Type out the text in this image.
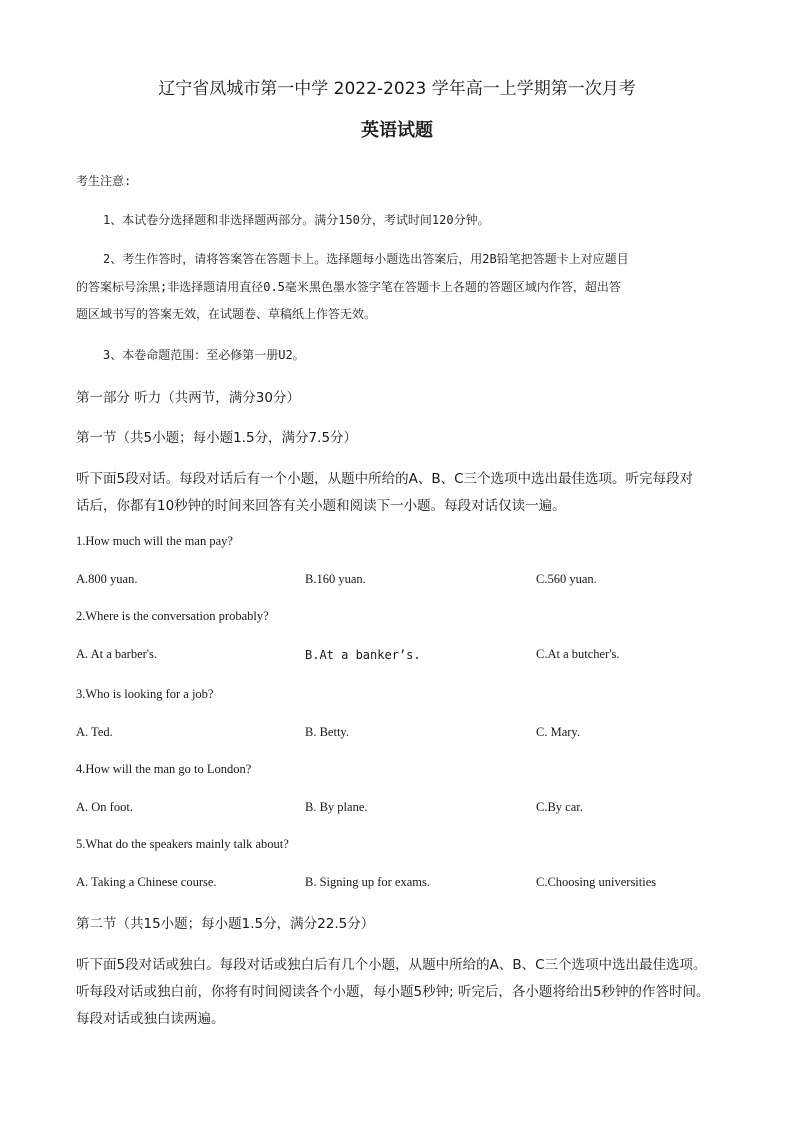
辽宁省凤城市第一中学 2022-2023 学年高一上学期第一次月考
英语试题
考生注意:
1、本试卷分选择题和非选择题两部分。满分150分，考试时间120分钟。
2、考生作答时，请将答案答在答题卡上。选择题每小题选出答案后，用2B铅笔把答题卡上对应题目
的答案标号涂黑;非选择题请用直径0.5毫米黑色墨水签字笔在答题卡上各题的答题区域内作答，超出答
题区域书写的答案无效，在试题卷、草稿纸上作答无效。
3、本卷命题范围：至必修第一册U2。
第一部分 听力（共两节，满分30分）
第一节（共5小题；每小题1.5分，满分7.5分）
听下面5段对话。每段对话后有一个小题，从题中所给的A、B、C三个选项中选出最佳选项。听完每段对
话后，你都有10秒钟的时间来回答有关小题和阅读下一小题。每段对话仅读一遍。
1.How much will the man pay?
A.800 yuan.	B.160 yuan.	C.560 yuan.
2.Where is the conversation probably?
A. At a barber's.	B.At a banker’s.	C.At a butcher's.
3.Who is looking for a job?
A. Ted.	B. Betty.	C. Mary.
4.How will the man go to London?
A. On foot.	B. By plane.	C.By car.
5.What do the speakers mainly talk about?
A. Taking a Chinese course.	B. Signing up for exams.	C.Choosing universities
第二节（共15小题；每小题1.5分，满分22.5分）
听下面5段对话或独白。每段对话或独白后有几个小题，从题中所给的A、B、C三个选项中选出最佳选项。
听每段对话或独白前，你将有时间阅读各个小题，每小题5秒钟; 听完后，各小题将给出5秒钟的作答时间。
每段对话或独白读两遍。
